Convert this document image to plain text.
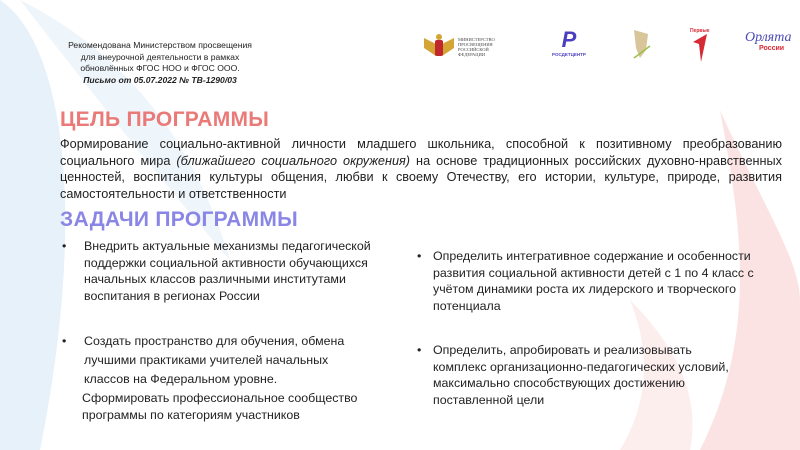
Рекомендована Министерством просвещения
для внеурочной деятельности в рамках
обновлённых ФГОС НОО и ФГОС ООО.
Письмо от 05.07.2022 № ТВ-1290/03
МИНИСТЕРСТВО ПРОСВЕЩЕНИЯ РОССИЙСКОЙ ФЕДЕРАЦИИ
Р
РОСДЕТЦЕНТР
Первые	Орлята
России
ЦЕЛЬ ПРОГРАММЫ

Формирование социально-активной личности младшего школьника, способной к позитивному преобразованию социального мира (ближайшего социального окружения) на основе традиционных российских духовно-нравственных ценностей, воспитания культуры общения, любви к своему Отечеству, его истории, культуре, природе, развития самостоятельности и ответственности

ЗАДАЧИ ПРОГРАММЫ
• Внедрить актуальные механизмы педагогической поддержки социальной активности обучающихся начальных классов различными институтами воспитания в регионах России
• Создать пространство для обучения, обмена лучшими практиками учителей начальных классов на Федеральном уровне.
Сформировать профессиональное сообщество программы по категориям участников
• Определить интегративное содержание и особенности развития социальной активности детей с 1 по 4 класс с учётом динамики роста их лидерского и творческого потенциала
• Определить, апробировать и реализовывать комплекс организационно-педагогических условий, максимально способствующих достижению поставленной цели
